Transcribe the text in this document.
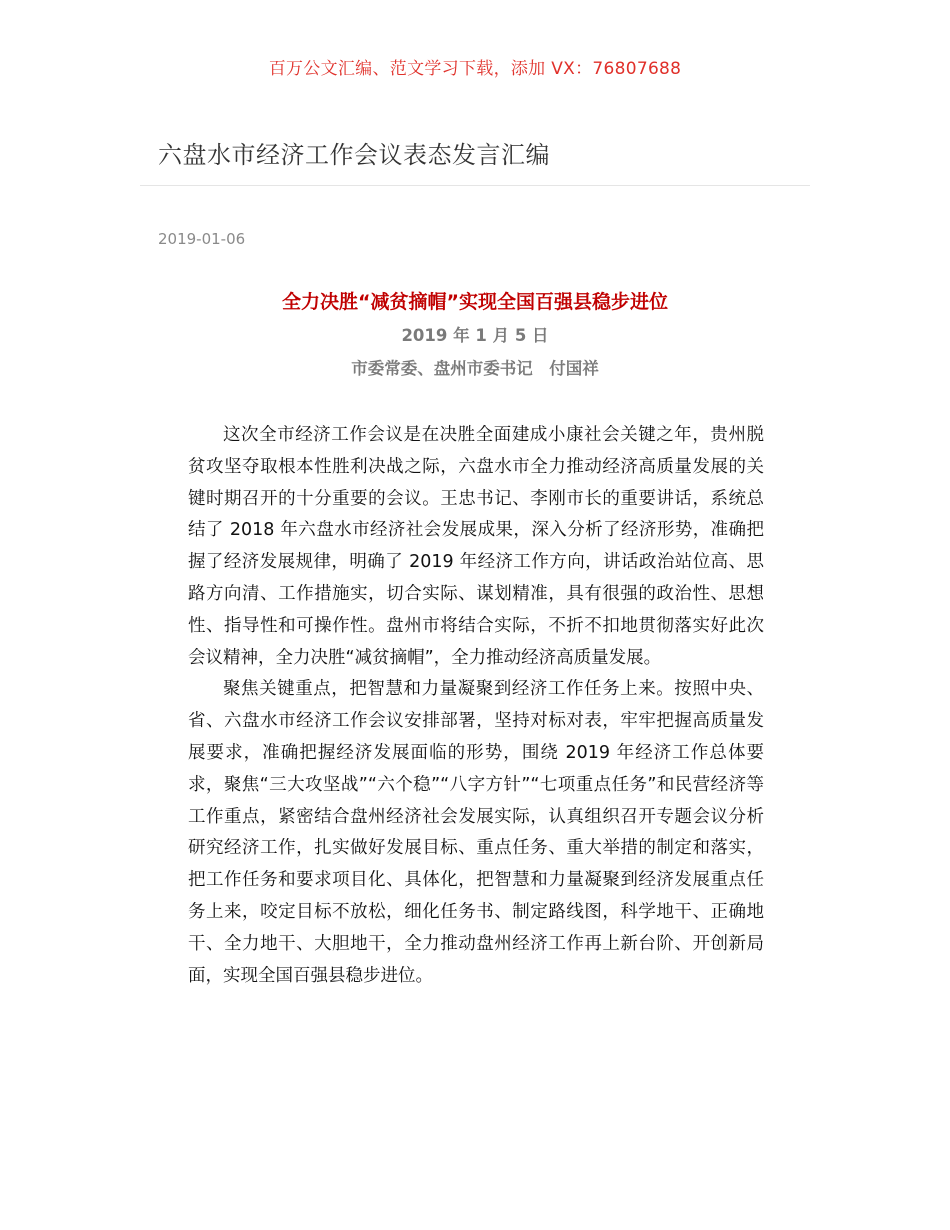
百万公文汇编、范文学习下载，添加 VX：76807688
六盘水市经济工作会议表态发言汇编
2019-01-06
全力决胜“减贫摘帽”实现全国百强县稳步进位
2019 年 1 月 5 日
市委常委、盘州市委书记　付国祥

这次全市经济工作会议是在决胜全面建成小康社会关键之年，贵州脱贫攻坚夺取根本性胜利决战之际，六盘水市全力推动经济高质量发展的关键时期召开的十分重要的会议。王忠书记、李刚市长的重要讲话，系统总结了 2018 年六盘水市经济社会发展成果，深入分析了经济形势，准确把握了经济发展规律，明确了 2019 年经济工作方向，讲话政治站位高、思路方向清、工作措施实，切合实际、谋划精准，具有很强的政治性、思想性、指导性和可操作性。盘州市将结合实际，不折不扣地贯彻落实好此次会议精神，全力决胜“减贫摘帽”，全力推动经济高质量发展。

聚焦关键重点，把智慧和力量凝聚到经济工作任务上来。按照中央、省、六盘水市经济工作会议安排部署，坚持对标对表，牢牢把握高质量发展要求，准确把握经济发展面临的形势，围绕 2019 年经济工作总体要求，聚焦“三大攻坚战”“六个稳”“八字方针”“七项重点任务”和民营经济等工作重点，紧密结合盘州经济社会发展实际，认真组织召开专题会议分析研究经济工作，扎实做好发展目标、重点任务、重大举措的制定和落实，把工作任务和要求项目化、具体化，把智慧和力量凝聚到经济发展重点任务上来，咬定目标不放松，细化任务书、制定路线图，科学地干、正确地干、全力地干、大胆地干，全力推动盘州经济工作再上新台阶、开创新局面，实现全国百强县稳步进位。
